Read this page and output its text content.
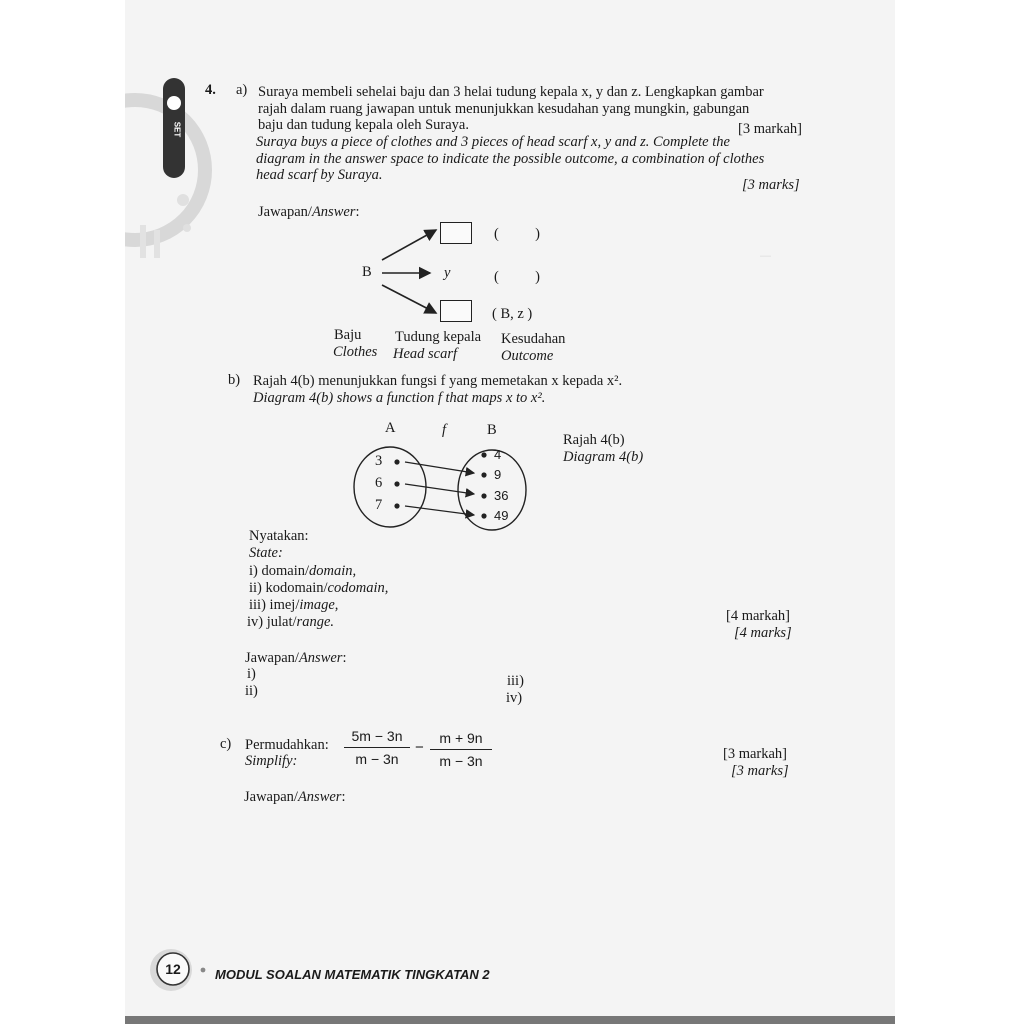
—
SET
4. a) Suraya membeli sehelai baju dan 3 helai tudung kepala x, y dan z. Lengkapkan gambar
rajah dalam ruang jawapan untuk menunjukkan kesudahan yang mungkin, gabungan
baju dan tudung kepala oleh Suraya.	[3 markah]
Suraya buys a piece of clothes and 3 pieces of head scarf x, y and z. Complete the
diagram in the answer space to indicate the possible outcome, a combination of clothes
head scarf by Suraya.
[3 marks]
Jawapan/Answer:
B	y
(          )
(          )
( B, z )
Baju
Clothes
Tudung kepala
Head scarf
Kesudahan
Outcome
b) Rajah 4(b) menunjukkan fungsi f yang memetakan x kepada x².
Diagram 4(b) shows a function f that maps x to x².
A	f	B
3
6
7
4
9
36
49
Rajah 4(b)
Diagram 4(b)
Nyatakan:
State:
i) domain/domain,
ii) kodomain/codomain,
iii) imej/image,
iv) julat/range.	[4 markah]
[4 marks]
Jawapan/Answer:
i)
ii)
iii)
iv)
c) Permudahkan:
Simplify:
5m − 3n
m − 3n
−
m + 9n
m − 3n	[3 markah]
[3 marks]
Jawapan/Answer:
12	MODUL SOALAN MATEMATIK TINGKATAN 2
